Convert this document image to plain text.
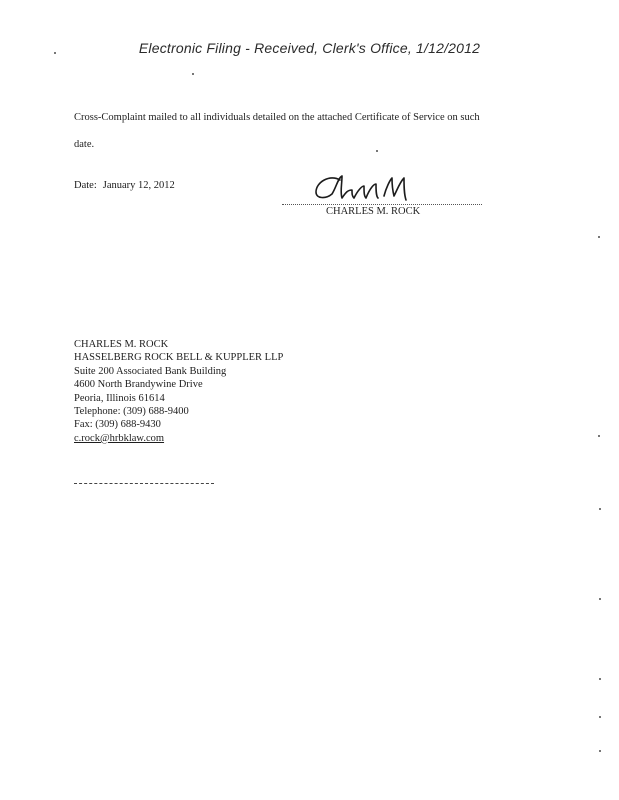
Electronic Filing - Received, Clerk's Office, 1/12/2012
Cross-Complaint mailed to all individuals detailed on the attached Certificate of Service on such
date.
Date: January 12, 2012
CHARLES M. ROCK
CHARLES M. ROCK
HASSELBERG ROCK BELL & KUPPLER LLP
Suite 200 Associated Bank Building
4600 North Brandywine Drive
Peoria, Illinois 61614
Telephone: (309) 688-9400
Fax: (309) 688-9430
c.rock@hrbklaw.com
